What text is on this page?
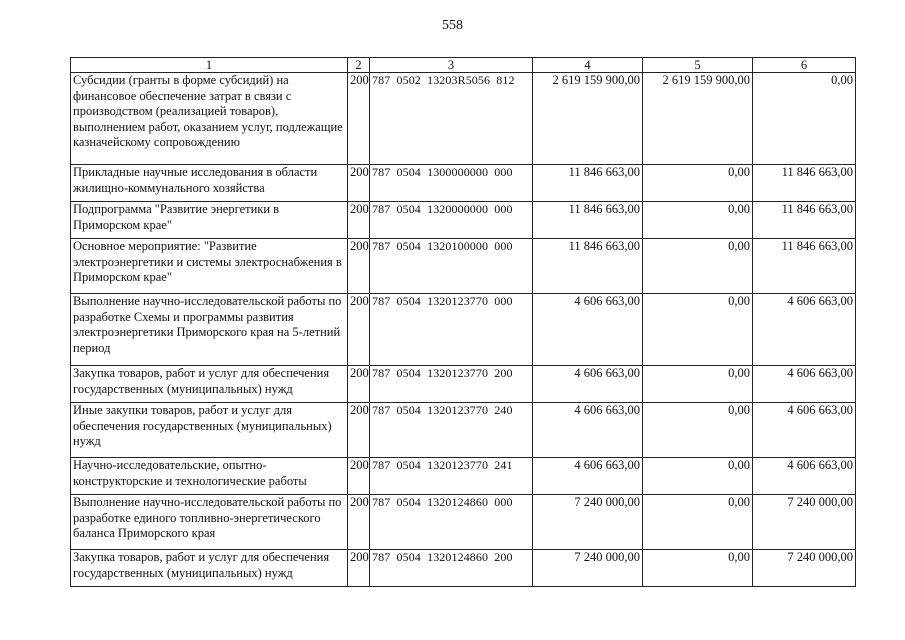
558
1	2	3	4	5	6
Субсидии (гранты в форме субсидий) на финансовое обеспечение затрат в связи с производством (реализацией товаров), выполнением работ, оказанием услуг, подлежащие казначейскому сопровождению	200	787  0502  13203R5056  812	2 619 159 900,00	2 619 159 900,00	0,00
Прикладные научные исследования в области жилищно-коммунального хозяйства	200	787  0504  1300000000  000	11 846 663,00	0,00	11 846 663,00
Подпрограмма "Развитие энергетики в Приморском крае"	200	787  0504  1320000000  000	11 846 663,00	0,00	11 846 663,00
Основное мероприятие: "Развитие электроэнергетики и системы электроснабжения в Приморском крае"	200	787  0504  1320100000  000	11 846 663,00	0,00	11 846 663,00
Выполнение научно-исследовательской работы по разработке Схемы и программы развития электроэнергетики Приморского края на 5-летний период	200	787  0504  1320123770  000	4 606 663,00	0,00	4 606 663,00
Закупка товаров, работ и услуг для обеспечения государственных (муниципальных) нужд	200	787  0504  1320123770  200	4 606 663,00	0,00	4 606 663,00
Иные закупки товаров, работ и услуг для обеспечения государственных (муниципальных) нужд	200	787  0504  1320123770  240	4 606 663,00	0,00	4 606 663,00
Научно-исследовательские, опытно-конструкторские и технологические работы	200	787  0504  1320123770  241	4 606 663,00	0,00	4 606 663,00
Выполнение научно-исследовательской работы по разработке единого топливно-энергетического баланса Приморского края	200	787  0504  1320124860  000	7 240 000,00	0,00	7 240 000,00
Закупка товаров, работ и услуг для обеспечения государственных (муниципальных) нужд	200	787  0504  1320124860  200	7 240 000,00	0,00	7 240 000,00
